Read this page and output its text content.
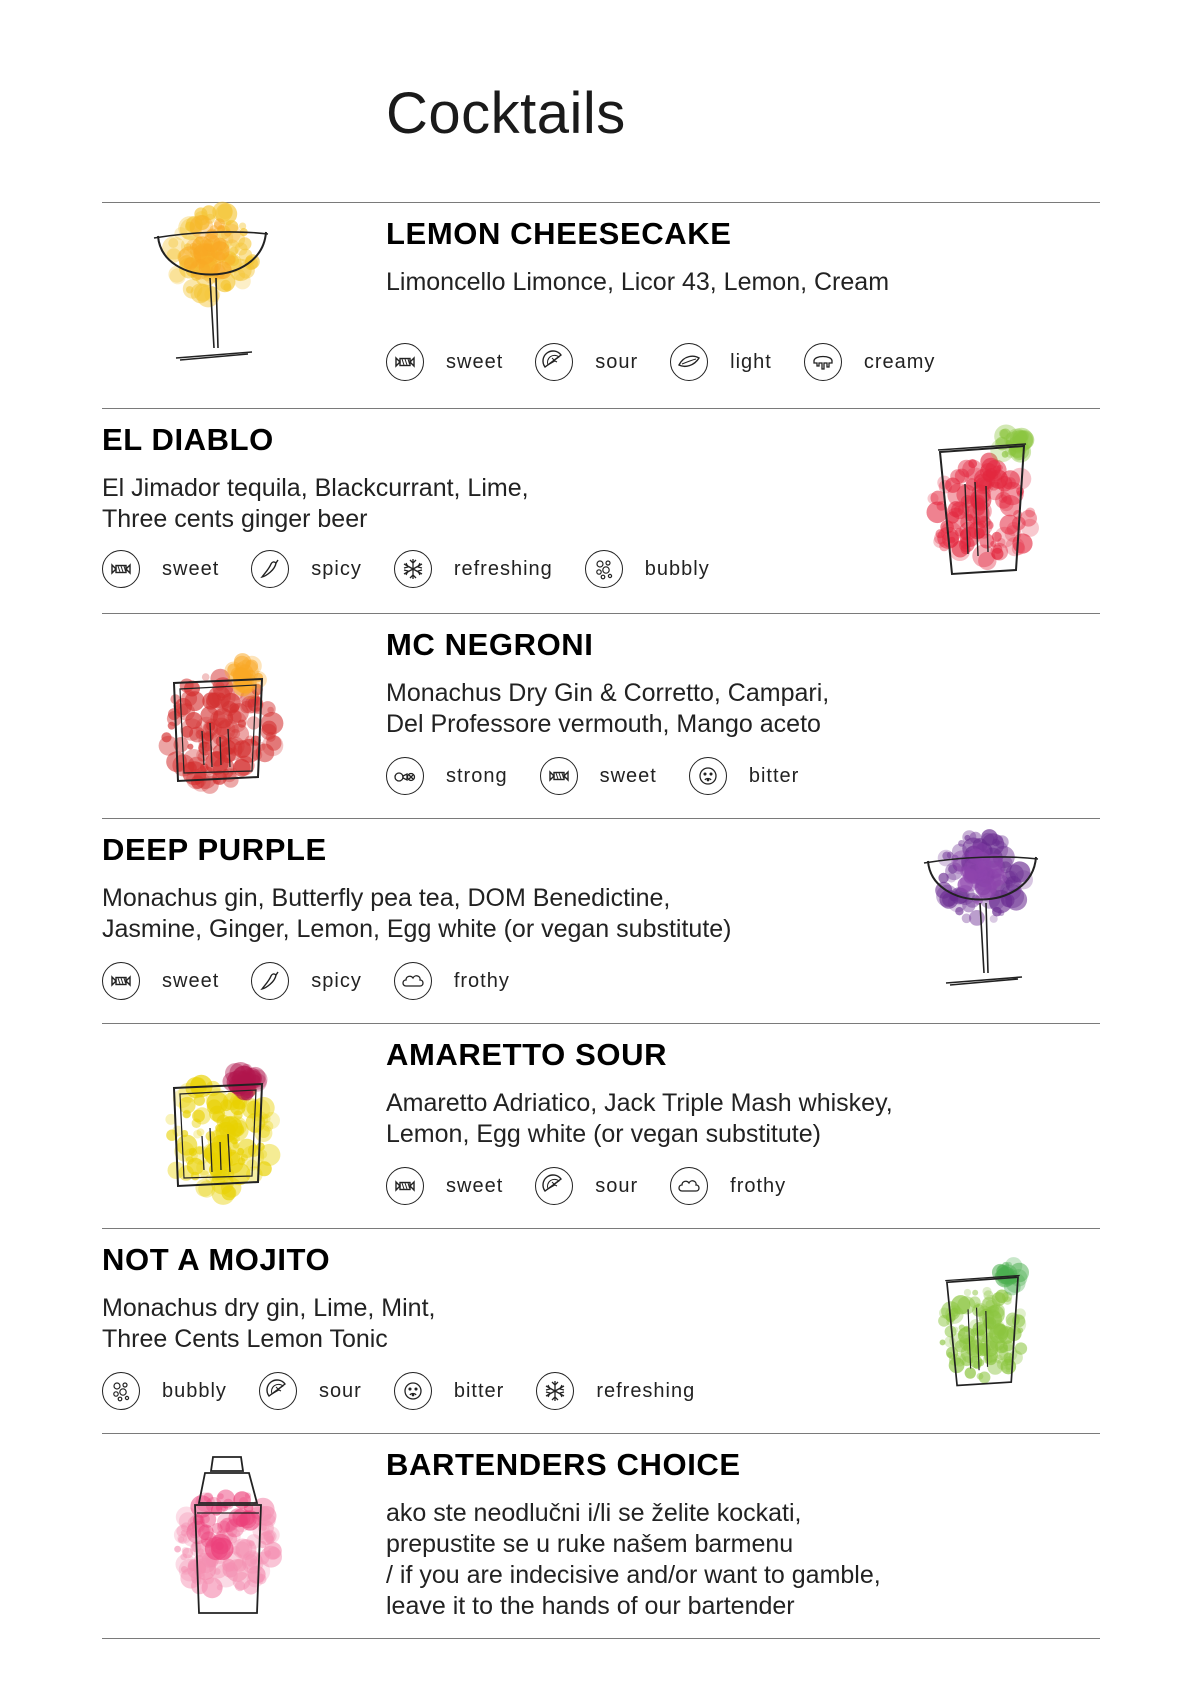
Cocktails
LEMON CHEESECAKE
Limoncello Limonce, Licor 43, Lemon, Cream
sweet	sour	light	creamy
EL DIABLO
El Jimador tequila, Blackcurrant, Lime,
Three cents ginger beer
sweet	spicy	refreshing	bubbly
MC NEGRONI
Monachus Dry Gin & Corretto, Campari,
Del Professore vermouth, Mango aceto
strong	sweet	bitter
DEEP PURPLE
Monachus gin, Butterfly pea tea, DOM Benedictine,
Jasmine, Ginger, Lemon, Egg white (or vegan substitute)
sweet	spicy	frothy
AMARETTO SOUR
Amaretto Adriatico, Jack Triple Mash whiskey,
Lemon, Egg white (or vegan substitute)
sweet	sour	frothy
NOT A MOJITO
Monachus dry gin, Lime, Mint,
Three Cents Lemon Tonic
bubbly	sour	bitter	refreshing
BARTENDERS CHOICE
ako ste neodlučni i/li se želite kockati,
prepustite se u ruke našem barmenu
/ if you are indecisive and/or want to gamble,
leave it to the hands of our bartender
